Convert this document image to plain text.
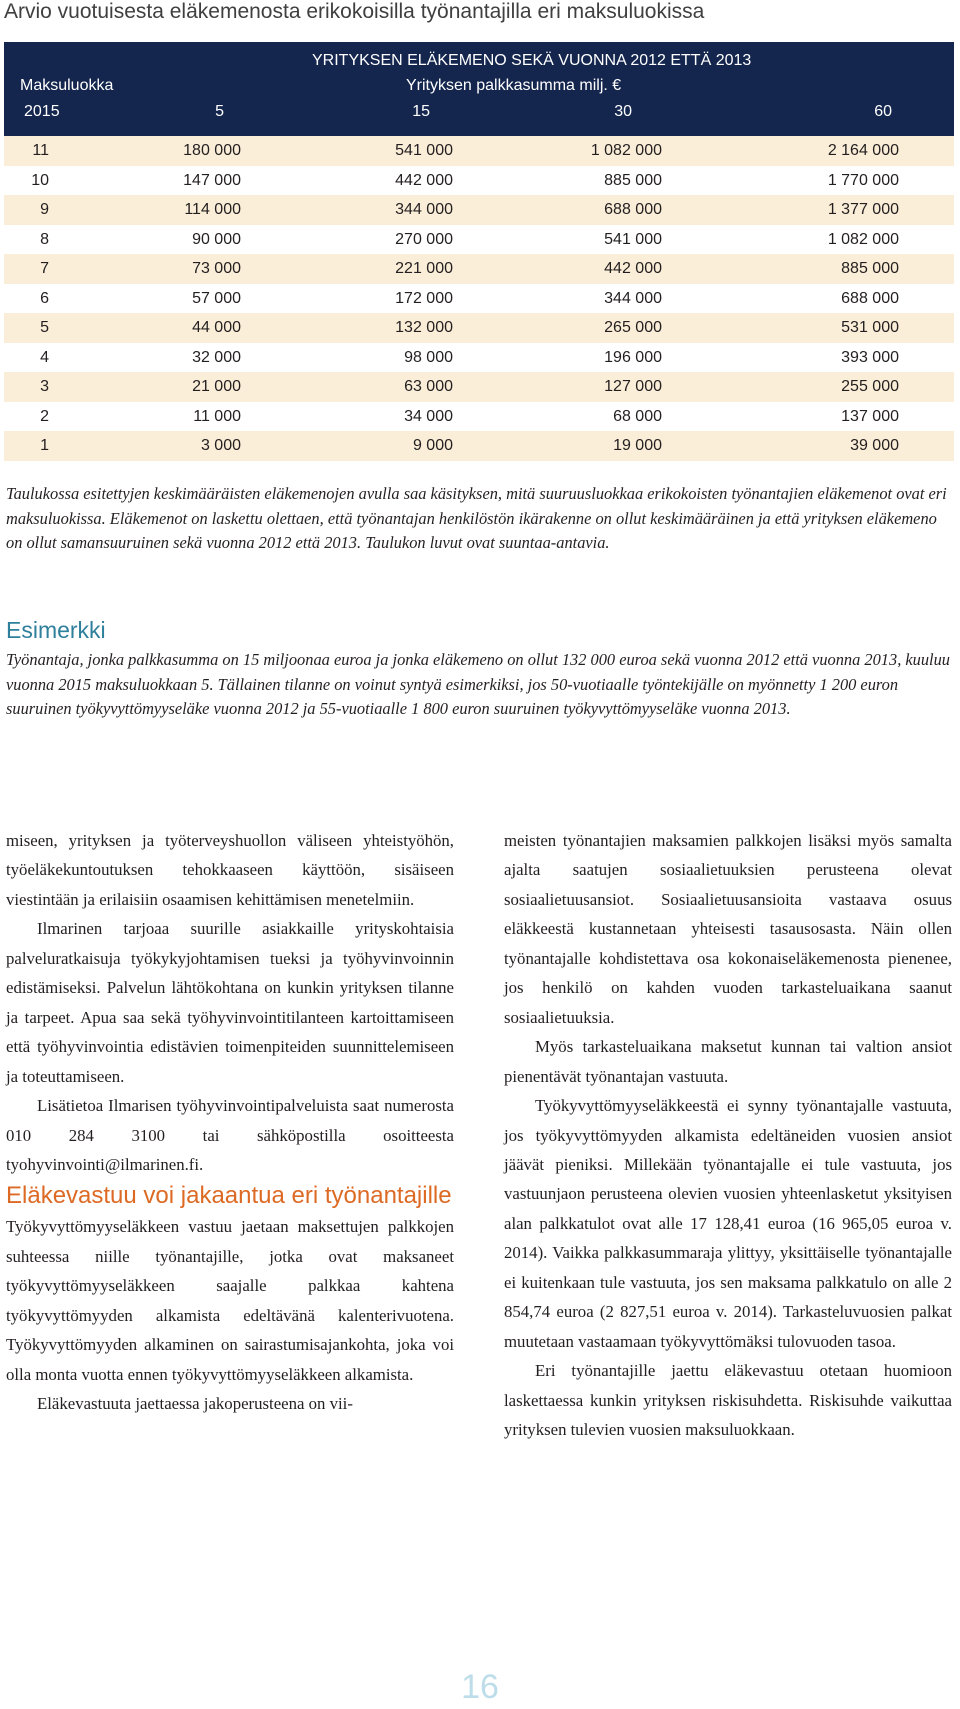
Arvio vuotuisesta eläkemenosta erikokoisilla työnantajilla eri maksuluokissa
YRITYKSEN ELÄKEMENO SEKÄ VUONNA 2012 ETTÄ 2013
Maksuluokka	Yrityksen palkkasumma milj. €
2015	5	15	30	60
11	180 000	541 000	1 082 000	2 164 000
10	147 000	442 000	885 000	1 770 000
9	114 000	344 000	688 000	1 377 000
8	90 000	270 000	541 000	1 082 000
7	73 000	221 000	442 000	885 000
6	57 000	172 000	344 000	688 000
5	44 000	132 000	265 000	531 000
4	32 000	98 000	196 000	393 000
3	21 000	63 000	127 000	255 000
2	11 000	34 000	68 000	137 000
1	3 000	9 000	19 000	39 000
Taulukossa esitettyjen keskimääräisten eläkemenojen avulla saa käsityksen, mitä suuruusluokkaa erikokoisten työnantajien eläkemenot ovat eri maksuluokissa. Eläkemenot on laskettu olettaen, että työnantajan henkilöstön ikärakenne on ollut keskimääräinen ja että yrityksen eläkemeno on ollut samansuuruinen sekä vuonna 2012 että 2013. Taulukon luvut ovat suuntaa-antavia.
Esimerkki
Työnantaja, jonka palkkasumma on 15 miljoonaa euroa ja jonka eläkemeno on ollut 132 000 euroa sekä vuonna 2012 että vuonna 2013, kuuluu vuonna 2015 maksuluokkaan 5. Tällainen tilanne on voinut syntyä esimerkiksi, jos 50-vuotiaalle työntekijälle on myönnetty 1 200 euron suuruinen työkyvyttömyyseläke vuonna 2012 ja 55-vuotiaalle 1 800 euron suuruinen työkyvyttömyyseläke vuonna 2013.

miseen, yrityksen ja työterveyshuollon väliseen yhteistyöhön, työeläkekuntoutuksen tehokkaaseen käyttöön, sisäiseen viestintään ja erilaisiin osaamisen kehittämisen menetelmiin.

Ilmarinen tarjoaa suurille asiakkaille yrityskohtaisia palveluratkaisuja työkykyjohtamisen tueksi ja työhyvinvoinnin edistämiseksi. Palvelun lähtökohtana on kunkin yrityksen tilanne ja tarpeet. Apua saa sekä työhyvinvointitilanteen kartoittamiseen että työhyvinvointia edistävien toimenpiteiden suunnittelemiseen ja toteuttamiseen.

Lisätietoa Ilmarisen työhyvinvointipalveluista saat numerosta 010 284 3100 tai sähköpostilla osoitteesta tyohyvinvointi@ilmarinen.fi.

Eläkevastuu voi jakaantua eri työnantajille

Työkyvyttömyyseläkkeen vastuu jaetaan maksettujen palkkojen suhteessa niille työnantajille, jotka ovat maksaneet työkyvyttömyyseläkkeen saajalle palkkaa kahtena työkyvyttömyyden alkamista edeltävänä kalenterivuotena. Työkyvyttömyyden alkaminen on sairastumisajankohta, joka voi olla monta vuotta ennen työkyvyttömyyseläkkeen alkamista.

Eläkevastuuta jaettaessa jakoperusteena on vii-

meisten työnantajien maksamien palkkojen lisäksi myös samalta ajalta saatujen sosiaalietuuksien perusteena olevat sosiaalietuusansiot. Sosiaalietuusansioita vastaava osuus eläkkeestä kustannetaan yhteisesti tasausosasta. Näin ollen työnantajalle kohdistettava osa kokonaiseläkemenosta pienenee, jos henkilö on kahden vuoden tarkasteluaikana saanut sosiaalietuuksia.

Myös tarkasteluaikana maksetut kunnan tai valtion ansiot pienentävät työnantajan vastuuta.

Työkyvyttömyyseläkkeestä ei synny työnantajalle vastuuta, jos työkyvyttömyyden alkamista edeltäneiden vuosien ansiot jäävät pieniksi. Millekään työnantajalle ei tule vastuuta, jos vastuunjaon perusteena olevien vuosien yhteenlasketut yksityisen alan palkkatulot ovat alle 17 128,41 euroa (16 965,05 euroa v. 2014). Vaikka palkkasummaraja ylittyy, yksittäiselle työnantajalle ei kuitenkaan tule vastuuta, jos sen maksama palkkatulo on alle 2 854,74 euroa (2 827,51 euroa v. 2014). Tarkasteluvuosien palkat muutetaan vastaamaan työkyvyttömäksi tulovuoden tasoa.

Eri työnantajille jaettu eläkevastuu otetaan huomioon laskettaessa kunkin yrityksen riskisuhdetta. Riskisuhde vaikuttaa yrityksen tulevien vuosien maksuluokkaan.

16
